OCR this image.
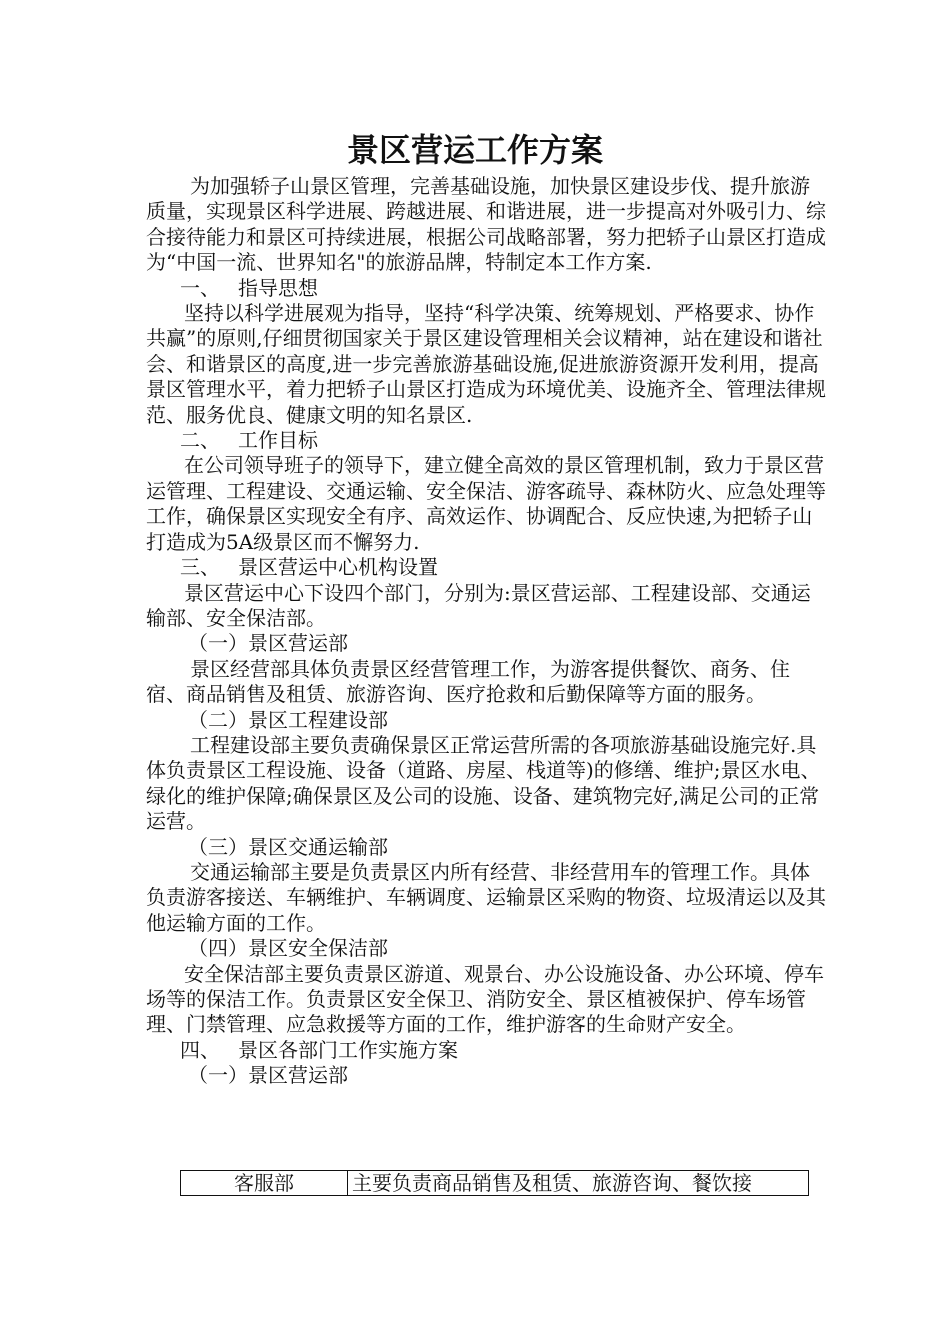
景区营运工作方案

为加强轿子山景区管理，完善基础设施，加快景区建设步伐、提升旅游质量，实现景区科学进展、跨越进展、和谐进展，进一步提高对外吸引力、综合接待能力和景区可持续进展，根据公司战略部署，努力把轿子山景区打造成为“中国一流、世界知名"的旅游品牌，特制定本工作方案.

一、 指导思想

坚持以科学进展观为指导，坚持“科学决策、统筹规划、严格要求、协作共赢”的原则,仔细贯彻国家关于景区建设管理相关会议精神，站在建设和谐社会、和谐景区的高度,进一步完善旅游基础设施,促进旅游资源开发利用，提高景区管理水平，着力把轿子山景区打造成为环境优美、设施齐全、管理法律规范、服务优良、健康文明的知名景区.

二、 工作目标

在公司领导班子的领导下，建立健全高效的景区管理机制，致力于景区营运管理、工程建设、交通运输、安全保洁、游客疏导、森林防火、应急处理等工作，确保景区实现安全有序、高效运作、协调配合、反应快速,为把轿子山打造成为5A级景区而不懈努力.

三、 景区营运中心机构设置

景区营运中心下设四个部门，分别为:景区营运部、工程建设部、交通运输部、安全保洁部。

（一）景区营运部

景区经营部具体负责景区经营管理工作，为游客提供餐饮、商务、住宿、商品销售及租赁、旅游咨询、医疗抢救和后勤保障等方面的服务。

（二）景区工程建设部

工程建设部主要负责确保景区正常运营所需的各项旅游基础设施完好.具体负责景区工程设施、设备（道路、房屋、栈道等)的修缮、维护;景区水电、绿化的维护保障;确保景区及公司的设施、设备、建筑物完好,满足公司的正常运营。

（三）景区交通运输部

交通运输部主要是负责景区内所有经营、非经营用车的管理工作。具体负责游客接送、车辆维护、车辆调度、运输景区采购的物资、垃圾清运以及其他运输方面的工作。

（四）景区安全保洁部

安全保洁部主要负责景区游道、观景台、办公设施设备、办公环境、停车场等的保洁工作。负责景区安全保卫、消防安全、景区植被保护、停车场管理、门禁管理、应急救援等方面的工作，维护游客的生命财产安全。

四、 景区各部门工作实施方案

（一）景区营运部

客服部	主要负责商品销售及租赁、旅游咨询、餐饮接
